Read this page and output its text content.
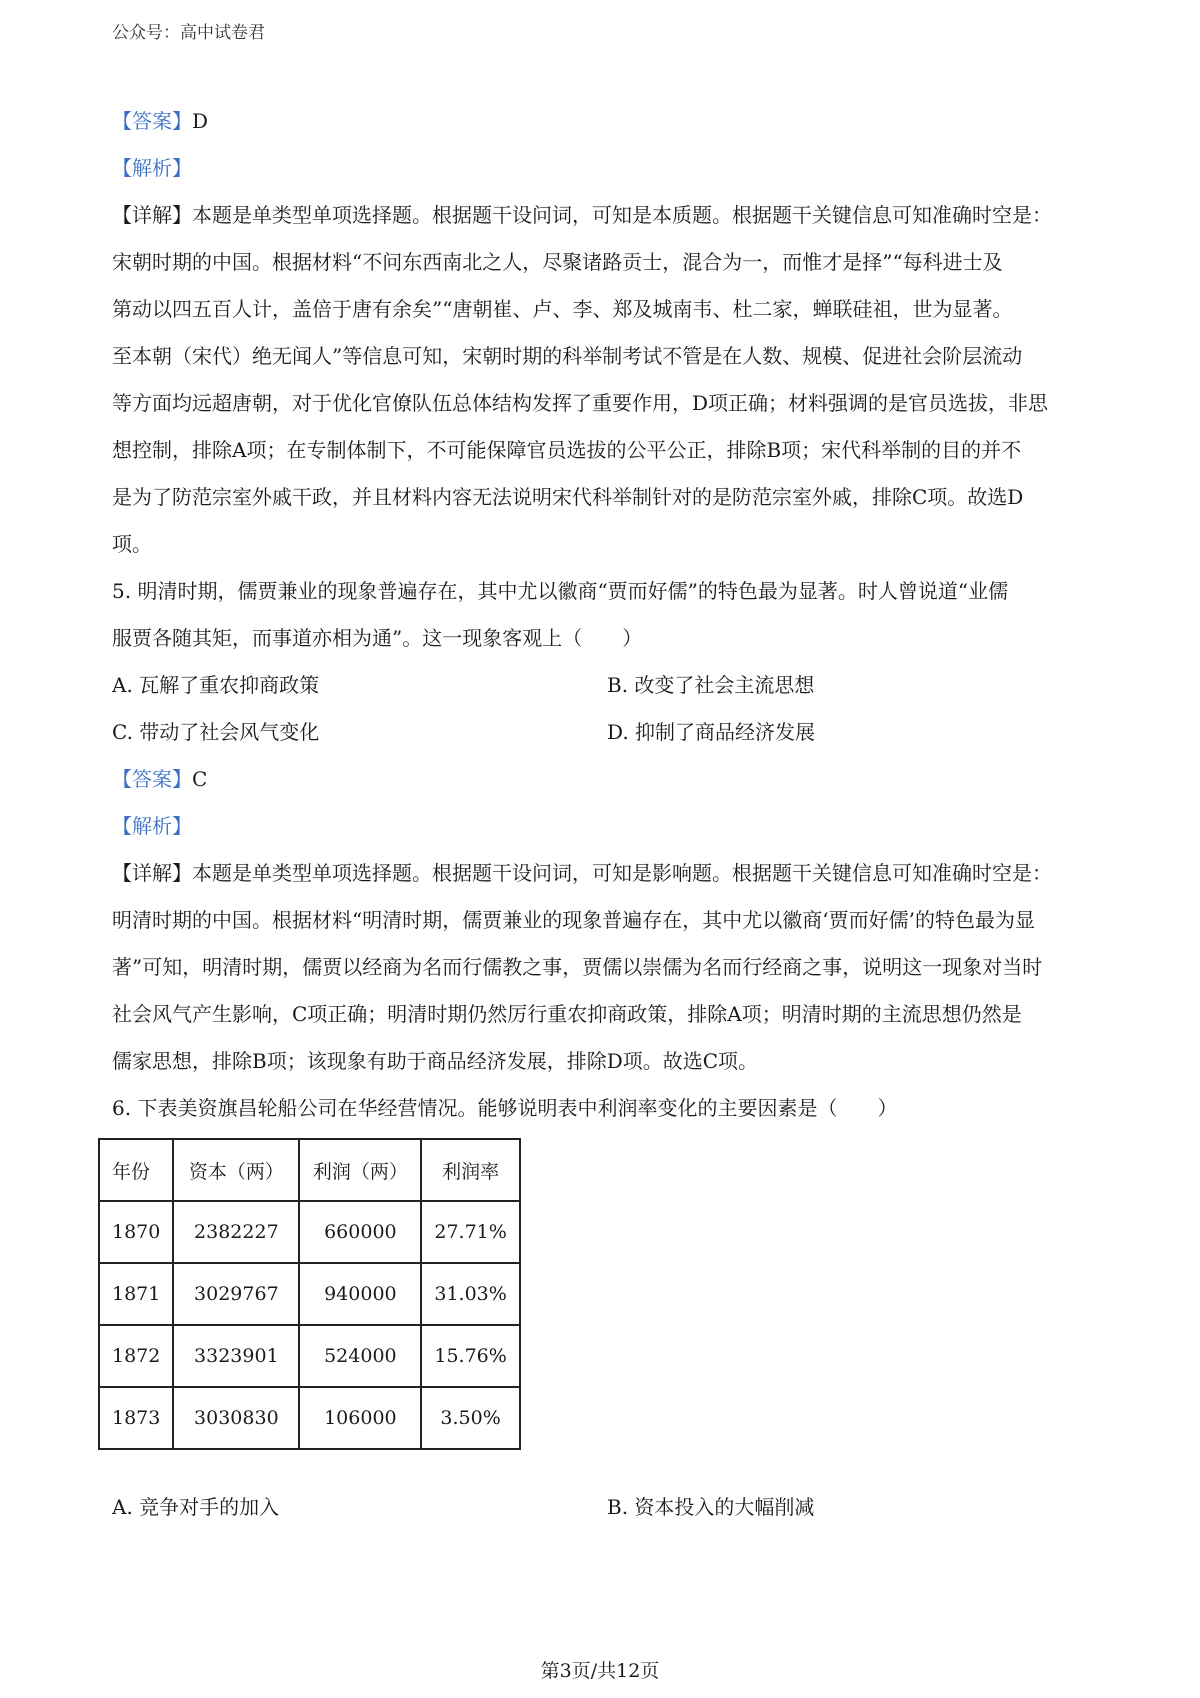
公众号：高中试卷君

【答案】D

【解析】

【详解】本题是单类型单项选择题。根据题干设问词，可知是本质题。根据题干关键信息可知准确时空是：

宋朝时期的中国。根据材料“不问东西南北之人，尽聚诸路贡士，混合为一，而惟才是择”“每科进士及

第动以四五百人计，盖倍于唐有余矣”“唐朝崔、卢、李、郑及城南韦、杜二家，蝉联硅祖，世为显著。

至本朝（宋代）绝无闻人”等信息可知，宋朝时期的科举制考试不管是在人数、规模、促进社会阶层流动

等方面均远超唐朝，对于优化官僚队伍总体结构发挥了重要作用，D项正确；材料强调的是官员选拔，非思

想控制，排除A项；在专制体制下，不可能保障官员选拔的公平公正，排除B项；宋代科举制的目的并不

是为了防范宗室外戚干政，并且材料内容无法说明宋代科举制针对的是防范宗室外戚，排除C项。故选D

项。

5. 明清时期，儒贾兼业的现象普遍存在，其中尤以徽商“贾而好儒”的特色最为显著。时人曾说道“业儒

服贾各随其矩，而事道亦相为通”。这一现象客观上（　　）

A. 瓦解了重农抑商政策	B. 改变了社会主流思想
C. 带动了社会风气变化	D. 抑制了商品经济发展

【答案】C

【解析】

【详解】本题是单类型单项选择题。根据题干设问词，可知是影响题。根据题干关键信息可知准确时空是：

明清时期的中国。根据材料“明清时期，儒贾兼业的现象普遍存在，其中尤以徽商‘贾而好儒’的特色最为显

著”可知，明清时期，儒贾以经商为名而行儒教之事，贾儒以崇儒为名而行经商之事，说明这一现象对当时

社会风气产生影响，C项正确；明清时期仍然厉行重农抑商政策，排除A项；明清时期的主流思想仍然是

儒家思想，排除B项；该现象有助于商品经济发展，排除D项。故选C项。

6. 下表美资旗昌轮船公司在华经营情况。能够说明表中利润率变化的主要因素是（　　）

年份	资本（两）	利润（两）	利润率
1870	2382227	660000	27.71%
1871	3029767	940000	31.03%
1872	3323901	524000	15.76%
1873	3030830	106000	3.50%
A. 竞争对手的加入	B. 资本投入的大幅削减
第3页/共12页
